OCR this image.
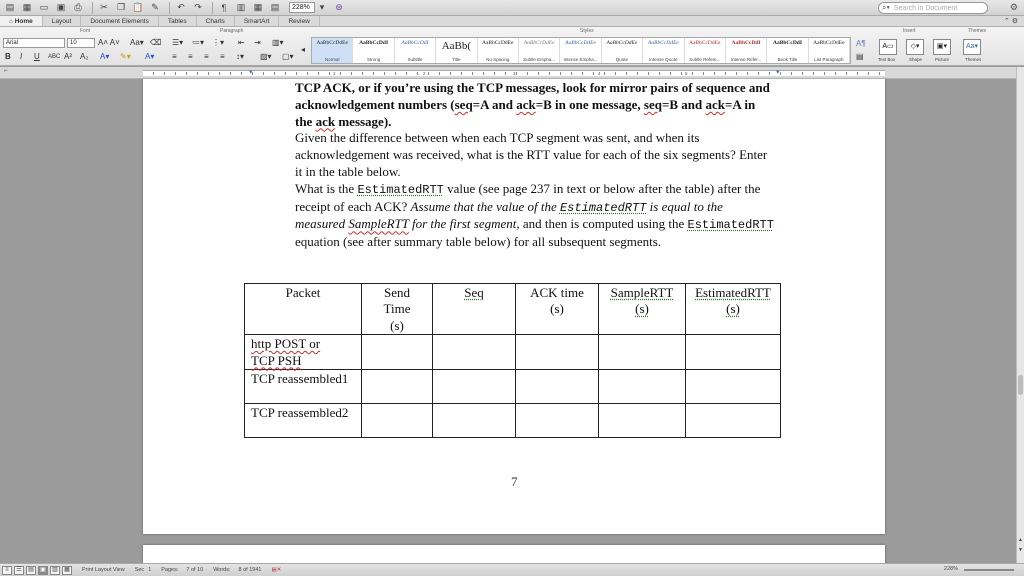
▤ ▦ ▭ ▣	⎙	✂	❐ 📋 ✎	↶	↷	¶	▥ ▦ ▤	228%	▾	⊛	⌕▾ Search in Document	⚙
⌂ Home	Layout	Document Elements	Tables	Charts	SmartArt	Review	⌃ ⚙
Font	Paragraph	Styles	Insert	Themes
Arial	10	A˄ A˅ Aa▾ ⌫
B I U ABC A² A₂ A▾ ✎▾ A▾
☰▾ ≔▾ ⋮▾ ⇤ ⇥ ▥▾
≡ ≡ ≡ ≡ ↕▾ ▨▾ ▢▾
◂
AaBbCcDdEe
Normal
AaBbCcDdI
Strong
AaBbCcDdI
Subtitle
AaBb(
Title
AaBbCcDdEe
No Spacing
AaBbCcDdEe
Subtle Empha...
AaBbCcDdEe
Intense Empha...
AaBbCcDdEe
Quote
AaBbCcDdEe
Intense Quote
AaBbCcDdEe
Subtle Refere...
AaBbCcDdI
Intense Refer...
AaBbCcDdI
Book Title
AaBbCcDdEe
List Paragraph
A¶
▤
A▭	◇▾	▣▾	Aa▾
Text Box	Shape	Picture	Themes
⌐	1	2	3	4	5
▾	▾

TCP ACK, or if you’re using the TCP messages, look for mirror pairs of sequence and acknowledgement numbers (seq=A and ack=B in one message, seq=B and ack=A in the ack message).

Given the difference between when each TCP segment was sent, and when its acknowledgement was received, what is the RTT value for each of the six segments? Enter it in the table below.

What is the EstimatedRTT value (see page 237 in text or below after the table) after the receipt of each ACK? Assume that the value of the EstimatedRTT is equal to the measured SampleRTT for the first segment, and then is computed using the EstimatedRTT equation (see after summary table below) for all subsequent segments.

Packet	Send Time (s)	Seq	ACK time (s)	SampleRTT (s)	EstimatedRTT (s)
http POST or TCP PSH					
TCP reassembled1					
TCP reassembled2					
7
▲
▼
≡	☰	▤	▣	▥	▦	Print Layout View Sec 1 Pages: 7 of 10 Words: 8 of 1941 ▤✕	228%
